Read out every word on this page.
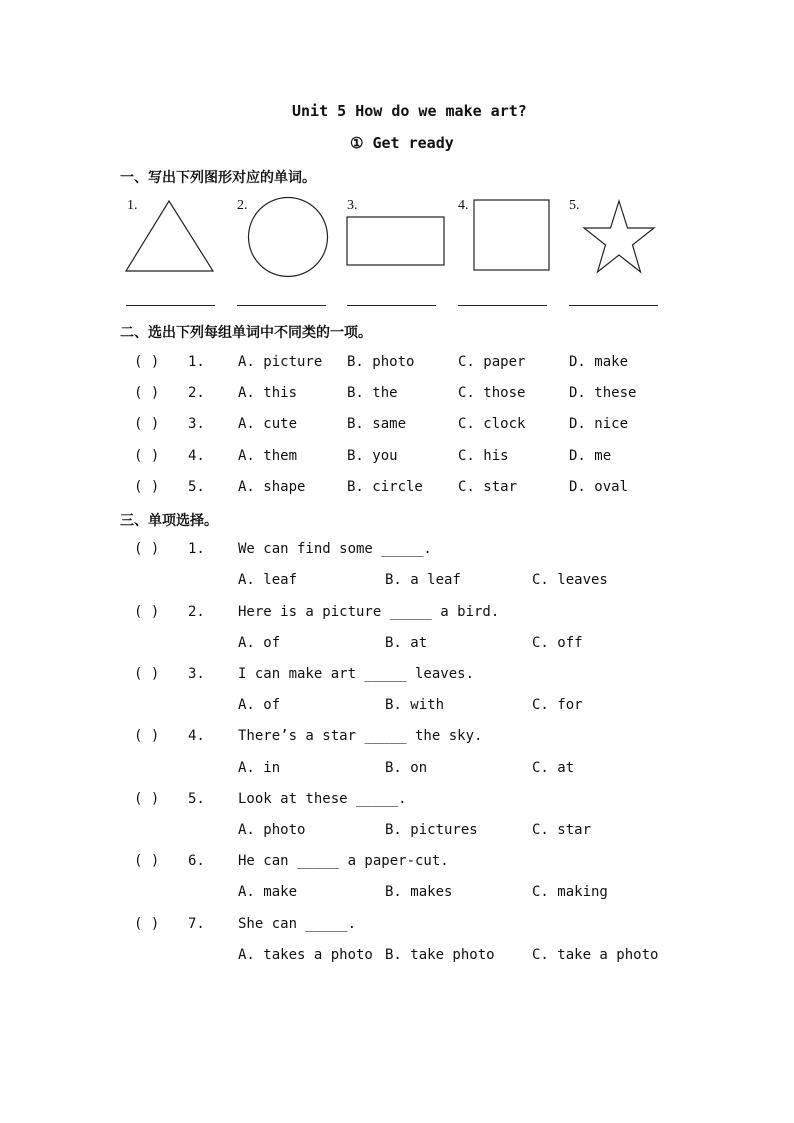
Unit 5 How do we make art?
① Get ready
一、写出下列图形对应的单词。
1.	2.	3.	4.	5.
二、选出下列每组单词中不同类的一项。
( ) 1. A. picture B. photo	C. paper	D. make
( ) 2. A. this	B. the	C. those	D. these
( ) 3. A. cute	B. same	C. clock	D. nice
( ) 4. A. them	B. you	C. his	D. me
( ) 5. A. shape	B. circle	C. star	D. oval
三、单项选择。
( ) 1. We can find some _____.
A. leaf	B. a leaf	C. leaves
( ) 2. Here is a picture _____ a bird.
A. of	B. at	C. off
( ) 3. I can make art _____ leaves.
A. of	B. with	C. for
( ) 4. There’s a star _____ the sky.
A. in	B. on	C. at
( ) 5. Look at these _____.
A. photo	B. pictures	C. star
( ) 6. He can _____ a paper-cut.
A. make	B. makes	C. making
( ) 7. She can _____.
A. takes a photo B. take photo	C. take a photo
